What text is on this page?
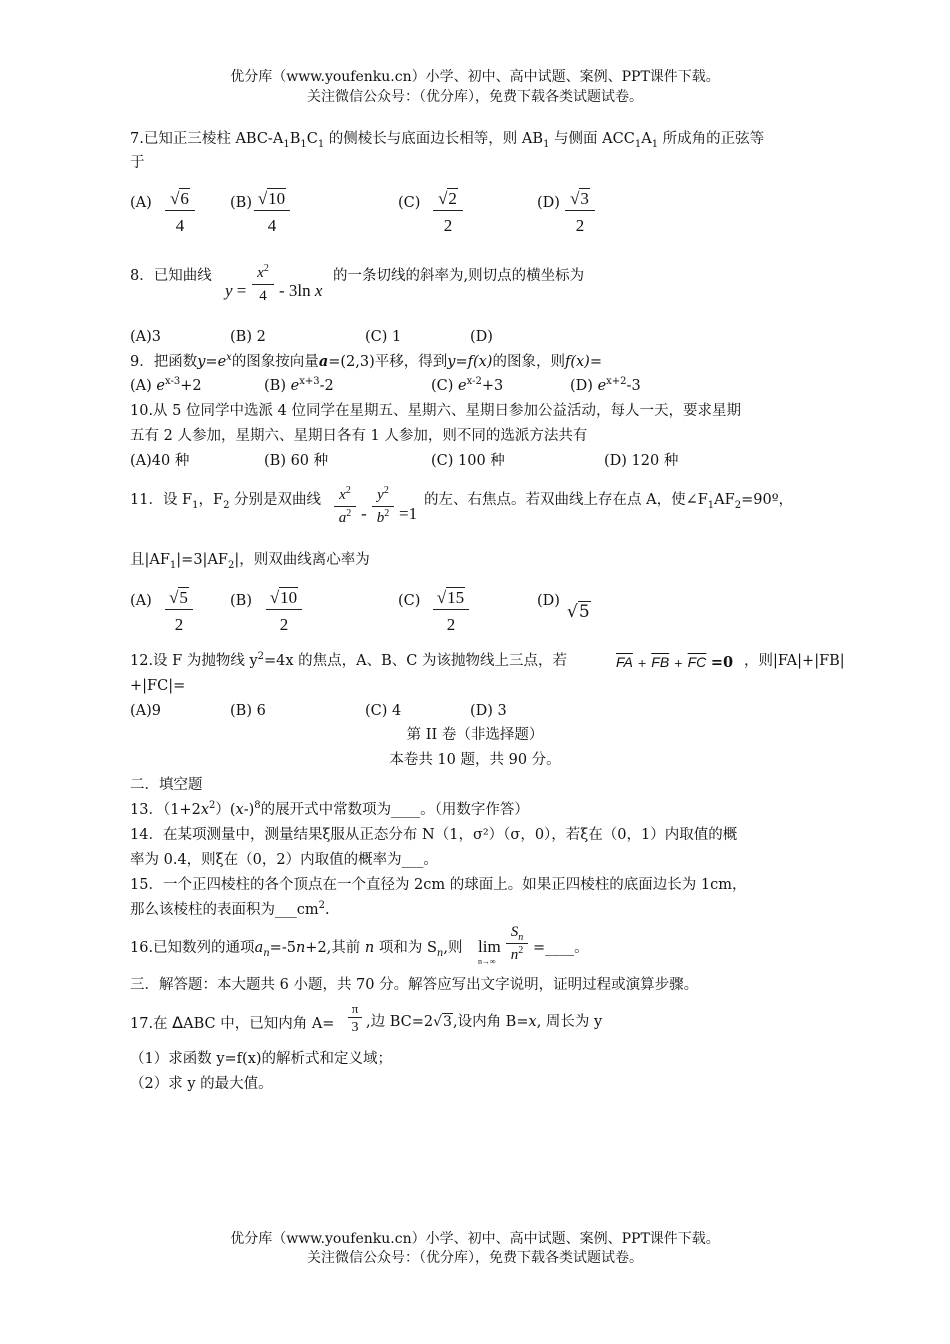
优分库（www.youfenku.cn）小学、初中、高中试题、案例、PPT课件下载。
关注微信公众号：（优分库），免费下载各类试题试卷。
7.已知正三棱柱 ABC-$A_1B_1C_1$ 的侧棱长与底面边长相等，则 $AB_1$ 与侧面 $ACC_1A_1$ 所成角的正弦等
于
$(A) \frac{√6}{4} (B) \frac{√10}{4}$	$(C) \frac{√2}{2}$	$(D) \frac{√3}{2}$
8．已知曲线
$y = \frac{x^2}{4} - 3\ln$ x
的一条切线的斜率为,则切点的横坐标为
(A)3	(B) 2	(C) 1	(D)
9．把函数$y=e^x$的图象按向量a=(2,3)平移，得到y=f(x)的图象，则f(x)=
(A) $e^{x-3}+2$	(B) $e^{x+3}-2$	(C) $e^{x-2}+3$	(D) $e^{x+2}-3$
10.从 5 位同学中选派 4 位同学在星期五、星期六、星期日参加公益活动，每人一天，要求星期
五有 2 人参加，星期六、星期日各有 1 人参加，则不同的选派方法共有
(A)40 种	(B) 60 种	(C) 100 种	(D) 120 种
11．设 $F_1$，$F_2$ 分别是双曲线 $\frac{x^2}{a^2} - \frac{y^2}{b^2} =1$
的左、右焦点。若双曲线上存在点 A，使$\angle F_1AF_2=90º$，
且$|AF_1|=3|AF_2|$，则双曲线离心率为
$(A) \frac{√5}{2}$	$(B) \frac{√10}{2}$	$(C) \frac{√15}{2}$	(D)
√5
12.设 F 为抛物线 $y^2=4x$ 的焦点，A、B、C 为该抛物线上三点，若	$\overline{FA} + \overline{FB} + \overline{FC} =0$ ，则|FA|+|FB|
+|FC|=
(A)9	(B) 6	(C) 4	(D) 3
第 II 卷（非选择题）
本卷共 10 题，共 90 分。
二．填空题
13．$(1+2x^2)(x-)^8$的展开式中常数项为____。（用数字作答）
14．在某项测量中，测量结果ξ服从正态分布 N（1，σ²）（σ，0），若ξ在（0，1）内取值的概
率为 0.4，则ξ在（0，2）内取值的概率为___。
15．一个正四棱柱的各个顶点在一个直径为 2cm 的球面上。如果正四棱柱的底面边长为 1cm，
那么该棱柱的表面积为$\_\_\_cm^2$.
16.已知数列的通项$a_n=-5n+2$,其前 n 项和为 $S_n$,则 lim
$n\to\infty \frac{S_n}{n^2}$ =____。
三．解答题：本大题共 6 小题，共 70 分。解答应写出文字说明，证明过程或演算步骤。
17.在 ΔABC 中，已知内角 $A= \frac{\pi}{3}$ ,边 BC=2√3,设内角 B=x, 周长为 y
（1）求函数 y=f(x)的解析式和定义域；
（2）求 y 的最大值。
优分库（www.youfenku.cn）小学、初中、高中试题、案例、PPT课件下载。
关注微信公众号：（优分库），免费下载各类试题试卷。
